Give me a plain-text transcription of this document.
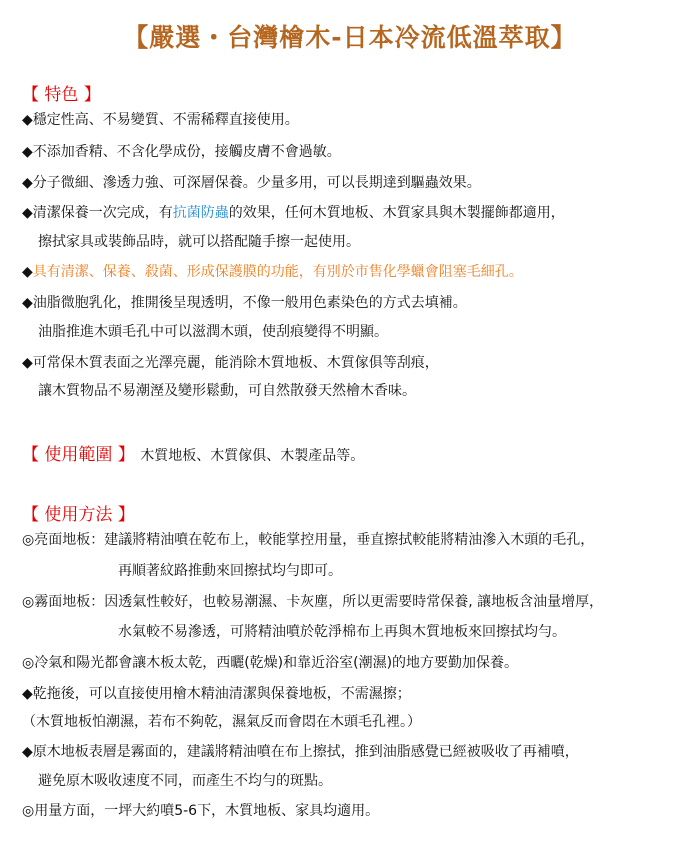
【嚴選・台灣檜木-日本冷流低溫萃取】
【 特色 】
◆穩定性高、不易變質、不需稀釋直接使用。
◆不添加香精、不含化學成份，接觸皮膚不會過敏。
◆分子微細、滲透力強、可深層保養。少量多用，可以長期達到驅蟲效果。
◆清潔保養一次完成，有抗菌防蟲的效果，任何木質地板、木質家具與木製擺飾都適用，
擦拭家具或裝飾品時，就可以搭配隨手擦一起使用。
◆具有清潔、保養、殺菌、形成保護膜的功能，有別於市售化學蠟會阻塞毛細孔。
◆油脂微胞乳化，推開後呈現透明，不像一般用色素染色的方式去填補。
油脂推進木頭毛孔中可以滋潤木頭，使刮痕變得不明顯。
◆可常保木質表面之光澤亮麗，能消除木質地板、木質傢俱等刮痕，
讓木質物品不易潮溼及變形鬆動，可自然散發天然檜木香味。
【 使用範圍 】 木質地板、木質傢俱、木製產品等。
【 使用方法 】
◎亮面地板：建議將精油噴在乾布上，較能掌控用量，垂直擦拭較能將精油滲入木頭的毛孔，
再順著紋路推動來回擦拭均勻即可。
◎霧面地板：因透氣性較好，也較易潮濕、卡灰塵，所以更需要時常保養, 讓地板含油量增厚，
水氣較不易滲透，可將精油噴於乾淨棉布上再與木質地板來回擦拭均勻。
◎冷氣和陽光都會讓木板太乾，西曬(乾燥)和靠近浴室(潮濕)的地方要勤加保養。
◆乾拖後，可以直接使用檜木精油清潔與保養地板，不需濕擦；
（木質地板怕潮濕，若布不夠乾，濕氣反而會悶在木頭毛孔裡。）
◆原木地板表層是霧面的，建議將精油噴在布上擦拭，推到油脂感覺已經被吸收了再補噴，
避免原木吸收速度不同，而產生不均勻的斑點。
◎用量方面，一坪大約噴5-6下，木質地板、家具均適用。
